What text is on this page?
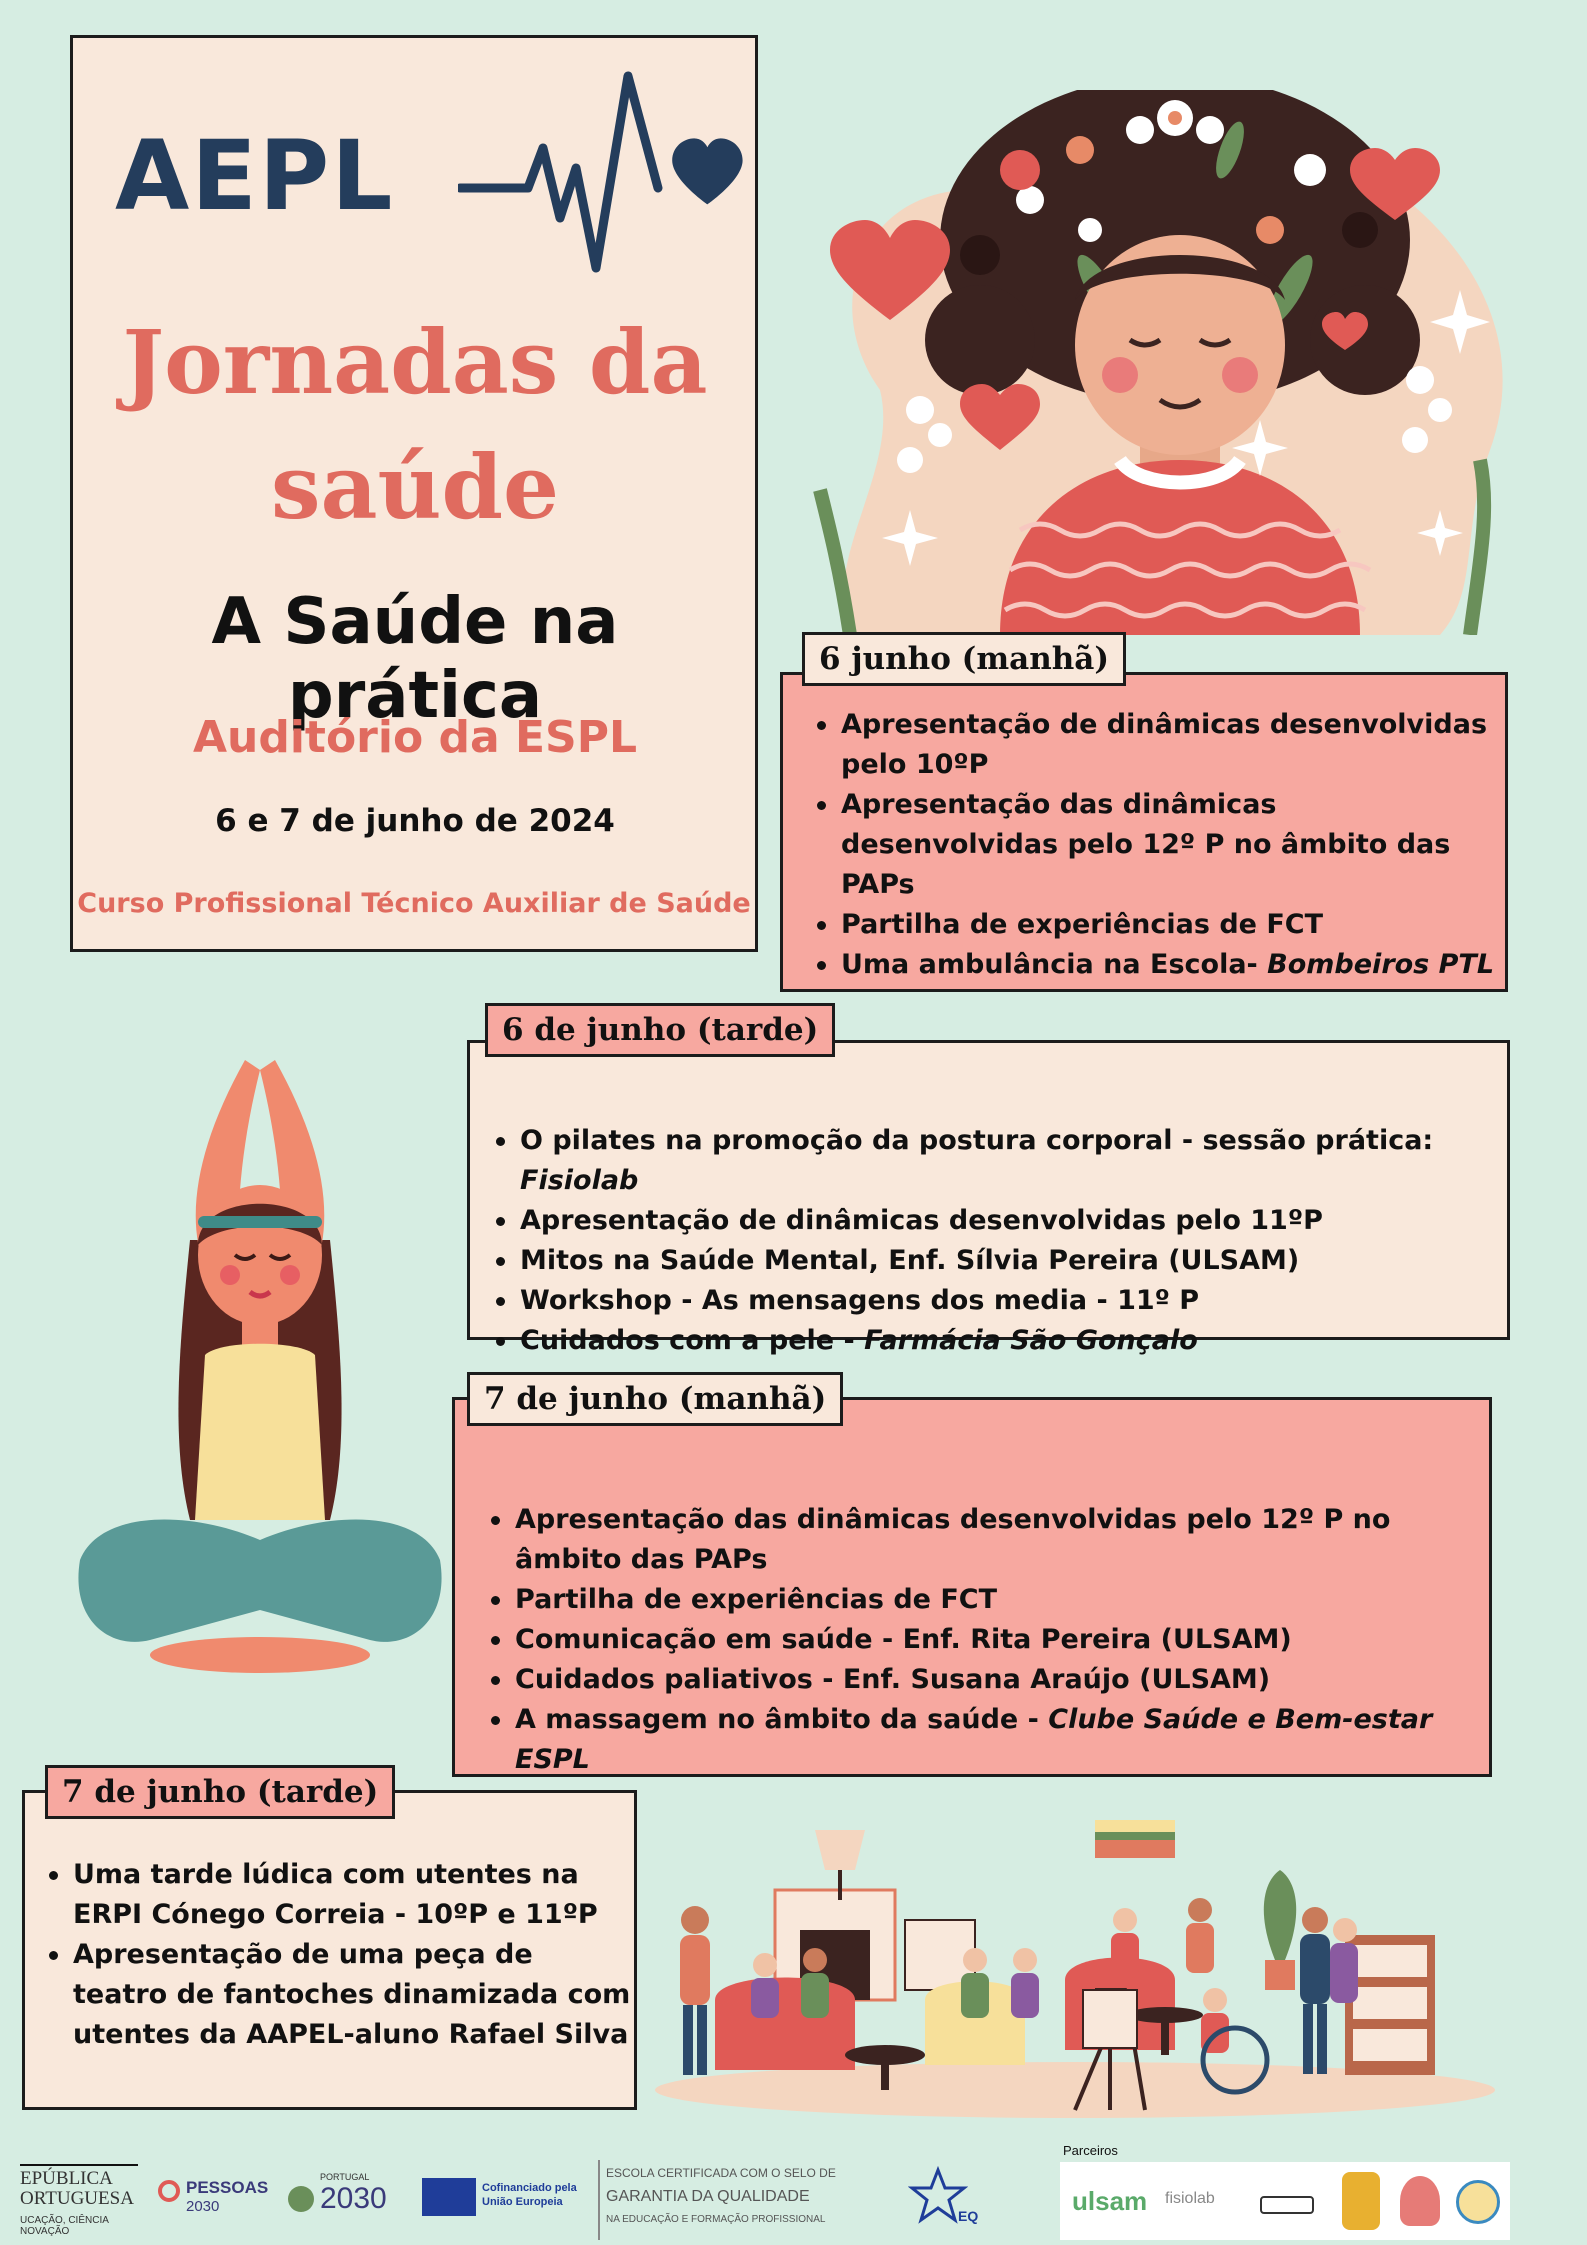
AEPL
Jornadas da
saúde
A Saúde na prática
Auditório da ESPL
6 e 7 de junho de 2024
Curso Profissional Técnico Auxiliar de Saúde
Apresentação de dinâmicas desenvolvidas pelo 10ºP
Apresentação das dinâmicas desenvolvidas pelo 12º P no âmbito das PAPs
Partilha de experiências de FCT
Uma ambulância na Escola- Bombeiros PTL
6 junho (manhã)
O pilates na promoção da postura corporal - sessão prática: Fisiolab
Apresentação de dinâmicas desenvolvidas pelo 11ºP
Mitos na Saúde Mental, Enf. Sílvia Pereira (ULSAM)
Workshop - As mensagens dos media - 11º P
Cuidados com a pele - Farmácia São Gonçalo
6 de junho (tarde)
Apresentação das dinâmicas desenvolvidas pelo 12º P no âmbito das PAPs
Partilha de experiências de FCT
Comunicação em saúde - Enf. Rita Pereira (ULSAM)
Cuidados paliativos - Enf. Susana Araújo (ULSAM)
A massagem no âmbito da saúde - Clube Saúde e Bem-estar ESPL
7 de junho (manhã)
Uma tarde lúdica com utentes na ERPI Cónego Correia - 10ºP e 11ºP
Apresentação de uma peça de teatro de fantoches dinamizada com utentes da AAPEL-aluno Rafael Silva
7 de junho (tarde)
EPÚBLICA
ORTUGUESA
UCAÇÃO, CIÊNCIA
NOVAÇÃO
PESSOAS
2030
PORTUGAL
2030	Cofinanciado pela
União Europeia
ESCOLA CERTIFICADA COM O SELO DE
GARANTIA DA QUALIDADE
NA EDUCAÇÃO E FORMAÇÃO PROFISSIONAL	EQ
Parceiros
ulsam fisiolab
